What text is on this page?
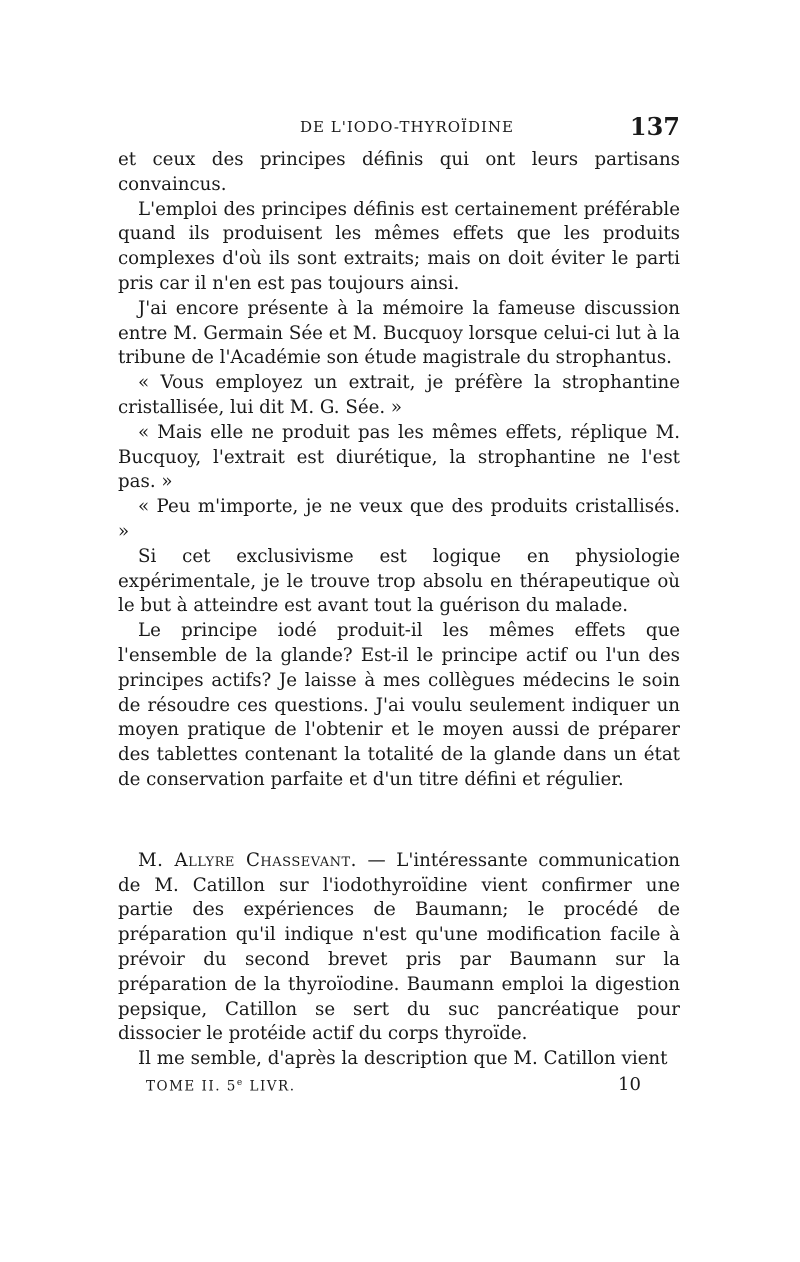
DE L'IODO-THYROÏDINE	137

et ceux des principes définis qui ont leurs partisans convaincus.

L'emploi des principes définis est certainement préférable quand ils produisent les mêmes effets que les produits complexes d'où ils sont extraits; mais on doit éviter le parti pris car il n'en est pas toujours ainsi.

J'ai encore présente à la mémoire la fameuse discussion entre M. Germain Sée et M. Bucquoy lorsque celui-ci lut à la tribune de l'Académie son étude magistrale du strophantus.

« Vous employez un extrait, je préfère la strophantine cristallisée, lui dit M. G. Sée. »

« Mais elle ne produit pas les mêmes effets, réplique M. Bucquoy, l'extrait est diurétique, la strophantine ne l'est pas. »

« Peu m'importe, je ne veux que des produits cristallisés. »

Si cet exclusivisme est logique en physiologie expérimentale, je le trouve trop absolu en thérapeutique où le but à atteindre est avant tout la guérison du malade.

Le principe iodé produit-il les mêmes effets que l'ensemble de la glande? Est-il le principe actif ou l'un des principes actifs? Je laisse à mes collègues médecins le soin de résoudre ces questions. J'ai voulu seulement indiquer un moyen pratique de l'obtenir et le moyen aussi de préparer des tablettes contenant la totalité de la glande dans un état de conservation parfaite et d'un titre défini et régulier.

M. Allyre Chassevant. — L'intéressante communication de M. Catillon sur l'iodothyroïdine vient confirmer une partie des expériences de Baumann; le procédé de préparation qu'il indique n'est qu'une modification facile à prévoir du second brevet pris par Baumann sur la préparation de la thyroïodine. Baumann emploi la digestion pepsique, Catillon se sert du suc pancréatique pour dissocier le protéide actif du corps thyroïde.

Il me semble, d'après la description que M. Catillon vient

TOME II. 5e LIVR.	10
